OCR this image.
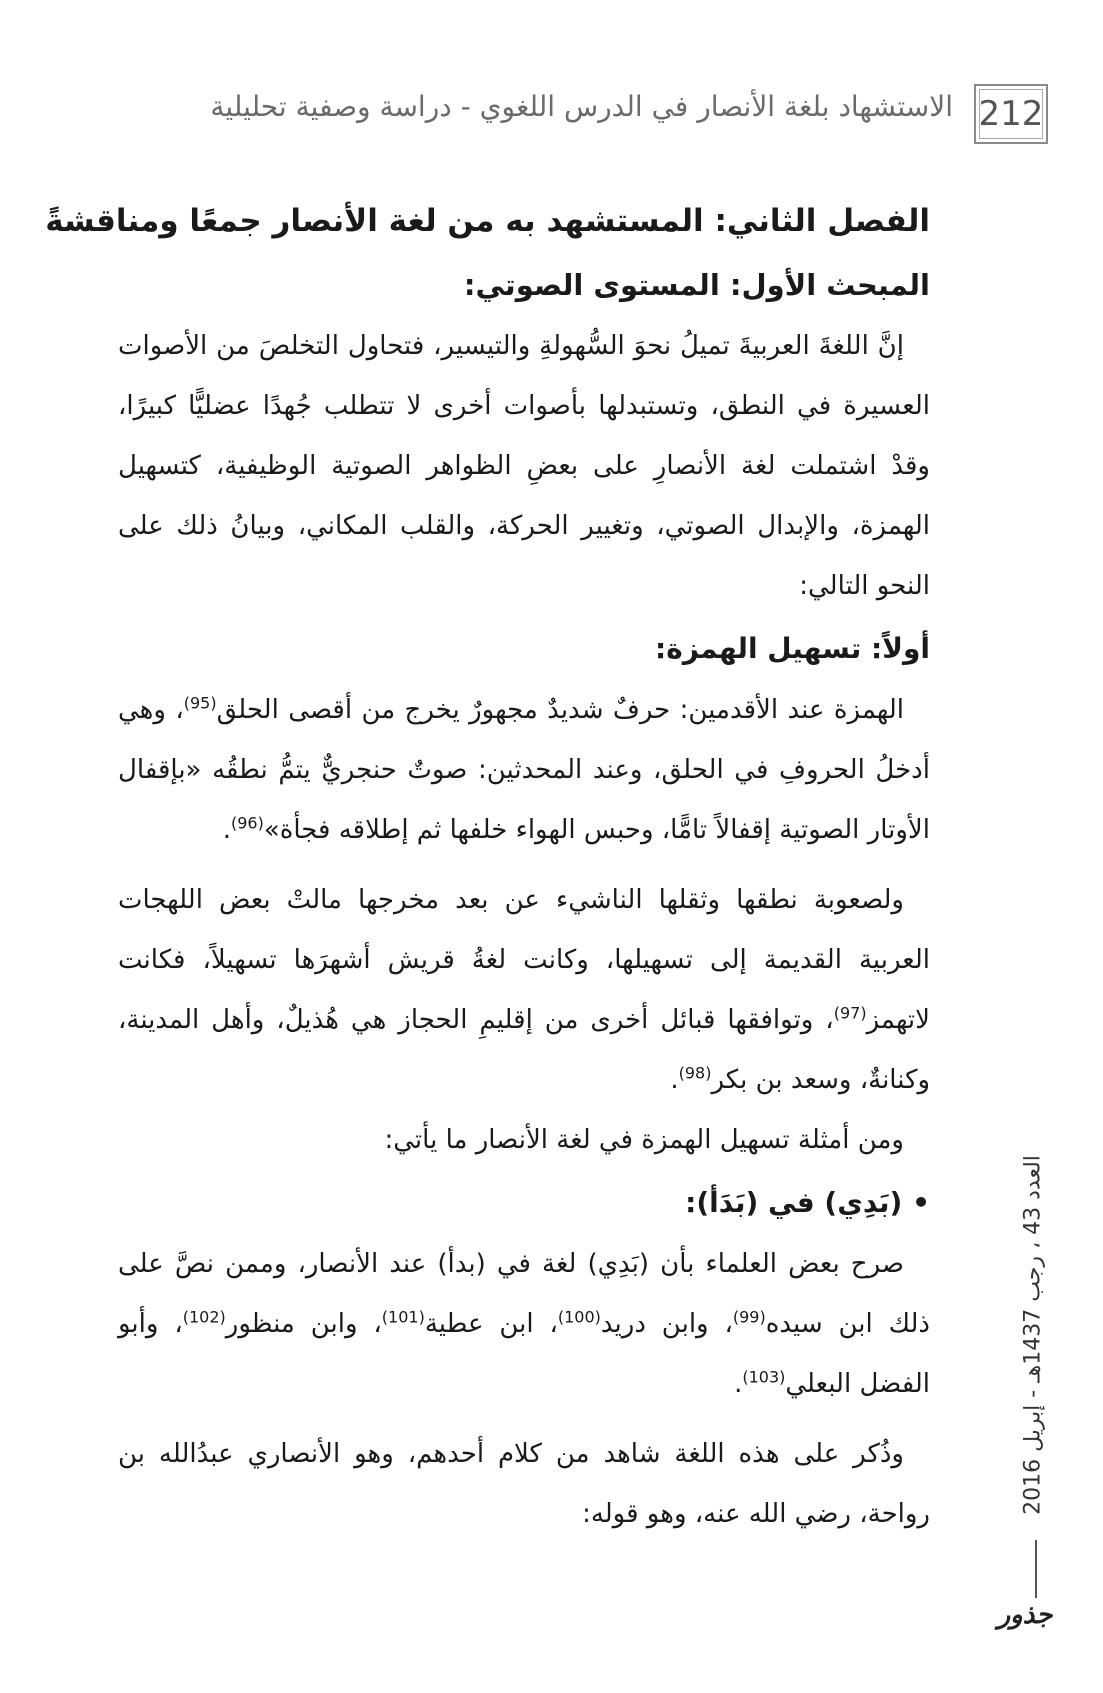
212
الاستشهاد بلغة الأنصار في الدرس اللغوي - دراسة وصفية تحليلية
الفصل الثاني: المستشهد به من لغة الأنصار جمعًا ومناقشةً
المبحث الأول: المستوى الصوتي:

إنَّ اللغةَ العربيةَ تميلُ نحوَ السُّهولةِ والتيسير، فتحاول التخلصَ من الأصوات العسيرة في النطق، وتستبدلها بأصوات أخرى لا تتطلب جُهدًا عضليًّا كبيرًا، وقدْ اشتملت لغة الأنصارِ على بعضِ الظواهر الصوتية الوظيفية، كتسهيل الهمزة، والإبدال الصوتي، وتغيير الحركة، والقلب المكاني، وبيانُ ذلك على النحو التالي:

أولاً: تسهيل الهمزة:

الهمزة عند الأقدمين: حرفٌ شديدٌ مجهورٌ يخرج من أقصى الحلق$^{(95)}$، وهي أدخلُ الحروفِ في الحلق، وعند المحدثين: صوتٌ حنجريٌّ يتمُّ نطقُه «بإقفال الأوتار الصوتية إقفالاً تامًّا، وحبس الهواء خلفها ثم إطلاقه فجأة»$^{(96)}$.

ولصعوبة نطقها وثقلها الناشيء عن بعد مخرجها مالتْ بعض اللهجات العربية القديمة إلى تسهيلها، وكانت لغةُ قريش أشهرَها تسهيلاً، فكانت لاتهمز$^{(97)}$، وتوافقها قبائل أخرى من إقليمِ الحجاز هي هُذيلٌ، وأهل المدينة، وكنانةٌ، وسعد بن بكر$^{(98)}$.

ومن أمثلة تسهيل الهمزة في لغة الأنصار ما يأتي:

• (بَدِي) في (بَدَأ):

صرح بعض العلماء بأن (بَدِي) لغة في (بدأ) عند الأنصار، وممن نصَّ على ذلك ابن سيده$^{(99)}$، وابن دريد$^{(100)}$، ابن عطية$^{(101)}$، وابن منظور$^{(102)}$، وأبو الفضل البعلي$^{(103)}$.

وذُكر على هذه اللغة شاهد من كلام أحدهم، وهو الأنصاري عبدُالله بن رواحة، رضي الله عنه، وهو قوله:	العدد 43 ، رجب 1437هـ - إبريل 2016
جذور
